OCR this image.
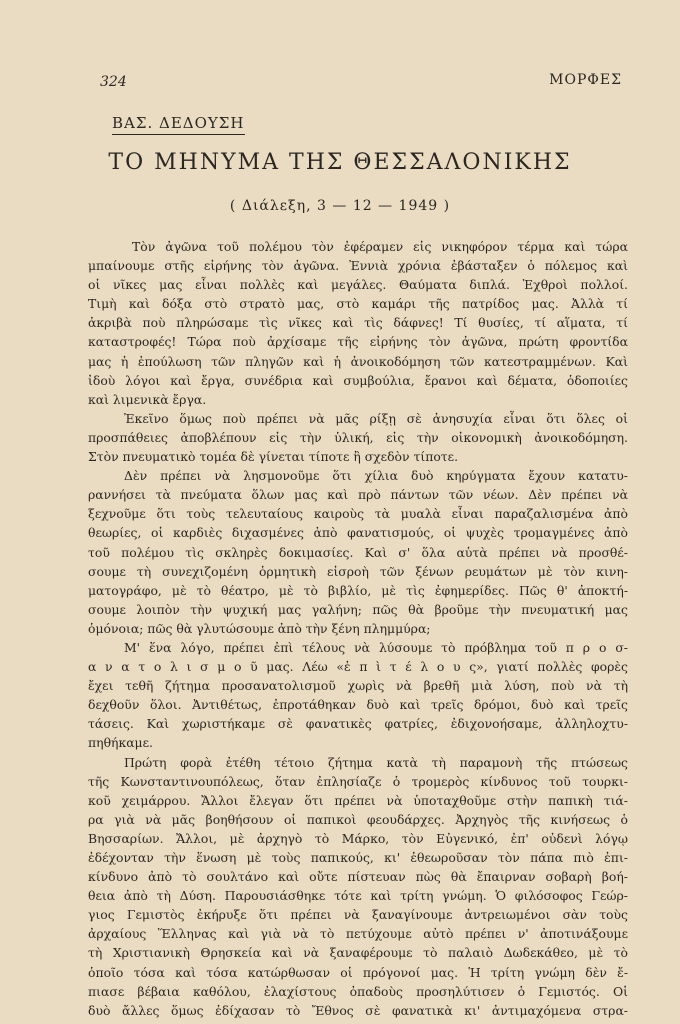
324	ΜΟΡΦΕΣ
ΒΑΣ. ΔΕΔΟΥΣΗ
ΤΟ ΜΗΝΥΜΑ ΤΗΣ ΘΕΣΣΑΛΟΝΙΚΗΣ
( Διάλεξη, 3 — 12 — 1949 )
Τὸν ἀγῶνα τοῦ πολέμου τὸν ἐφέραμεν εἰς νικηφόρον τέρμα καὶ τώρα
μπαίνουμε στῆς εἰρήνης τὸν ἀγῶνα. Ἐννιὰ χρόνια ἐβάσταξεν ὁ πόλεμος καὶ
οἱ νῖκες μας εἶναι πολλὲς καὶ μεγάλες. Θαύματα διπλά. Ἐχθροὶ πολλοί.
Τιμὴ καὶ δόξα στὸ στρατὸ μας, στὸ καμάρι τῆς πατρίδος μας. Ἀλλὰ τί
ἀκριβὰ ποὺ πληρώσαμε τὶς νῖκες καὶ τὶς δάφνες! Τί θυσίες, τί αἵματα, τί
καταστροφές! Τώρα ποὺ ἀρχίσαμε τῆς εἰρήνης τὸν ἀγῶνα, πρώτη φροντίδα
μας ἡ ἐπούλωση τῶν πληγῶν καὶ ἡ ἀνοικοδόμηση τῶν κατεστραμμένων. Καὶ
ἰδοὺ λόγοι καὶ ἔργα, συνέδρια καὶ συμβούλια, ἔρανοι καὶ δέματα, ὁδοποιίες
καὶ λιμενικὰ ἔργα.
Ἐκεῖνο ὅμως ποὺ πρέπει νὰ μᾶς ρίξῃ σὲ ἀνησυχία εἶναι ὅτι ὅλες οἱ
προσπάθειες ἀποβλέπουν εἰς τὴν ὑλική, εἰς τὴν οἰκονομικὴ ἀνοικοδόμηση.
Στὸν πνευματικὸ τομέα δὲ γίνεται τίποτε ἢ σχεδὸν τίποτε.
Δὲν πρέπει νὰ λησμονοῦμε ὅτι χίλια δυὸ κηρύγματα ἔχουν κατατυ-
ραννήσει τὰ πνεύματα ὅλων μας καὶ πρὸ πάντων τῶν νέων. Δὲν πρέπει νὰ
ξεχνοῦμε ὅτι τοὺς τελευταίους καιροὺς τὰ μυαλὰ εἶναι παραζαλισμένα ἀπὸ
θεωρίες, οἱ καρδιὲς διχασμένες ἀπὸ φανατισμούς, οἱ ψυχὲς τρομαγμένες ἀπὸ
τοῦ πολέμου τὶς σκληρὲς δοκιμασίες. Καὶ σ' ὅλα αὐτὰ πρέπει νὰ προσθέ-
σουμε τὴ συνεχιζομένη ὁρμητικὴ εἰσροὴ τῶν ξένων ρευμάτων μὲ τὸν κινη-
ματογράφο, μὲ τὸ θέατρο, μὲ τὸ βιβλίο, μὲ τὶς ἐφημερίδες. Πῶς θ' ἀποκτή-
σουμε λοιπὸν τὴν ψυχική μας γαλήνη; πῶς θὰ βροῦμε τὴν πνευματική μας
ὁμόνοια; πῶς θὰ γλυτώσουμε ἀπὸ τὴν ξένη πλημμύρα;
Μ' ἕνα λόγο, πρέπει ἐπὶ τέλους νὰ λύσουμε τὸ πρόβλημα τοῦ π ρ ο σ-
α ν α τ ο λ ι σ μ ο ῦ μας. Λέω «ἐ π ὶ τ έ λ ο υ ς», γιατί πολλὲς φορὲς
ἔχει τεθῆ ζήτημα προσανατολισμοῦ χωρὶς νὰ βρεθῆ μιὰ λύση, ποὺ νὰ τὴ
δεχθοῦν ὅλοι. Ἀντιθέτως, ἐπροτάθηκαν δυὸ καὶ τρεῖς δρόμοι, δυὸ καὶ τρεῖς
τάσεις. Καὶ χωριστήκαμε σὲ φανατικὲς φατρίες, ἐδιχονοήσαμε, ἀλληλοχτυ-
πηθήκαμε.
Πρώτη φορὰ ἐτέθη τέτοιο ζήτημα κατὰ τὴ παραμονὴ τῆς πτώσεως
τῆς Κωνσταντινουπόλεως, ὅταν ἐπλησίαζε ὁ τρομερὸς κίνδυνος τοῦ τουρκι-
κοῦ χειμάρρου. Ἄλλοι ἔλεγαν ὅτι πρέπει νὰ ὑποταχθοῦμε στὴν παπικὴ τιά-
ρα γιὰ νὰ μᾶς βοηθήσουν οἱ παπικοὶ φεουδάρχες. Ἀρχηγὸς τῆς κινήσεως ὁ
Βησσαρίων. Ἄλλοι, μὲ ἀρχηγὸ τὸ Μάρκο, τὸν Εὐγενικό, ἐπ' οὐδενὶ λόγῳ
ἐδέχονταν τὴν ἕνωση μὲ τοὺς παπικούς, κι' ἐθεωροῦσαν τὸν πάπα πιὸ ἐπι-
κίνδυνο ἀπὸ τὸ σουλτάνο καὶ οὔτε πίστευαν πὼς θὰ ἔπαιρναν σοβαρὴ βοή-
θεια ἀπὸ τὴ Δύση. Παρουσιάσθηκε τότε καὶ τρίτη γνώμη. Ὁ φιλόσοφος Γεώρ-
γιος Γεμιστὸς ἐκήρυξε ὅτι πρέπει νὰ ξαναγίνουμε ἀντρειωμένοι σὰν τοὺς
ἀρχαίους Ἕλληνας καὶ γιὰ νὰ τὸ πετύχουμε αὐτὸ πρέπει ν' ἀποτινάξουμε
τὴ Χριστιανικὴ Θρησκεία καὶ νὰ ξαναφέρουμε τὸ παλαιὸ Δωδεκάθεο, μὲ τὸ
ὁποῖο τόσα καὶ τόσα κατώρθωσαν οἱ πρόγονοί μας. Ἡ τρίτη γνώμη δὲν ἔ-
πιασε βέβαια καθόλου, ἐλαχίστους ὀπαδοὺς προσηλύτισεν ὁ Γεμιστός. Οἱ
δυὸ ἄλλες ὅμως ἐδίχασαν τὸ Ἔθνος σὲ φανατικὰ κι' ἀντιμαχόμενα στρα-
